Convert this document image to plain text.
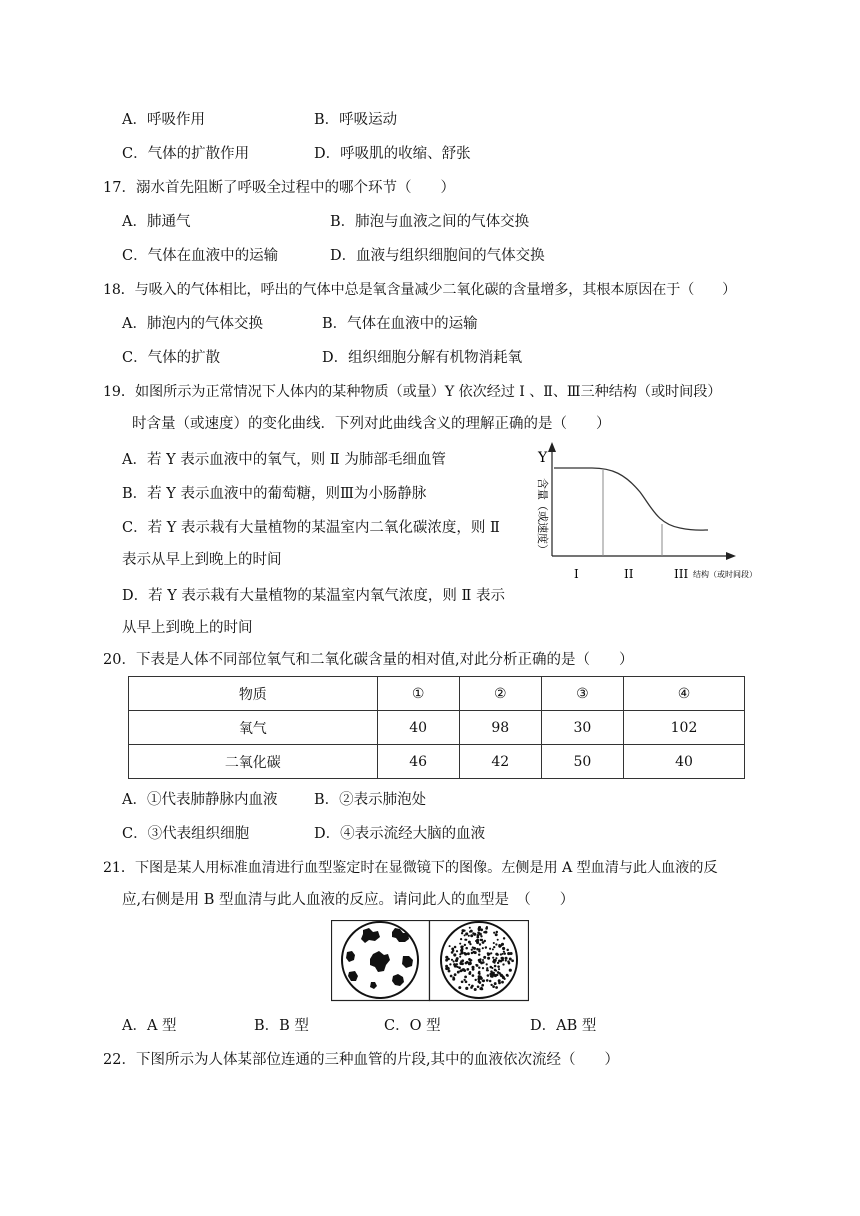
A．呼吸作用	B．呼吸运动
C．气体的扩散作用	D．呼吸肌的收缩、舒张
17．溺水首先阻断了呼吸全过程中的哪个环节（　　）
A．肺通气	B．肺泡与血液之间的气体交换
C．气体在血液中的运输	D．血液与组织细胞间的气体交换
18．与吸入的气体相比，呼出的气体中总是氧含量减少二氧化碳的含量增多，其根本原因在于（　　）
A．肺泡内的气体交换	B．气体在血液中的运输
C．气体的扩散	D．组织细胞分解有机物消耗氧
19．如图所示为正常情况下人体内的某种物质（或量）Y 依次经过 Ⅰ 、Ⅱ、Ⅲ三种结构（或时间段）
时含量（或速度）的变化曲线．下列对此曲线含义的理解正确的是（　　）
A．若 Y 表示血液中的氧气，则 Ⅱ 为肺部毛细血管
B．若 Y 表示血液中的葡萄糖，则Ⅲ为小肠静脉
C．若 Y 表示栽有大量植物的某温室内二氧化碳浓度，则 Ⅱ
表示从早上到晚上的时间
D．若 Y 表示栽有大量植物的某温室内氧气浓度，则 Ⅱ 表示
从早上到晚上的时间
Y
含量（或速度）
I	II	III 结构（或时间段）
20．下表是人体不同部位氧气和二氧化碳含量的相对值,对此分析正确的是（　　）
物质	①	②	③	④
氧气	40	98	30	102
二氧化碳	46	42	50	40
A．①代表肺静脉内血液	B．②表示肺泡处
C．③代表组织细胞	D．④表示流经大脑的血液
21．下图是某人用标准血清进行血型鉴定时在显微镜下的图像。左侧是用 A 型血清与此人血液的反
应,右侧是用 B 型血清与此人血液的反应。请问此人的血型是　（　　）
A．A 型	B．B 型	C．O 型	D．AB 型
22．下图所示为人体某部位连通的三种血管的片段,其中的血液依次流经（　　）
